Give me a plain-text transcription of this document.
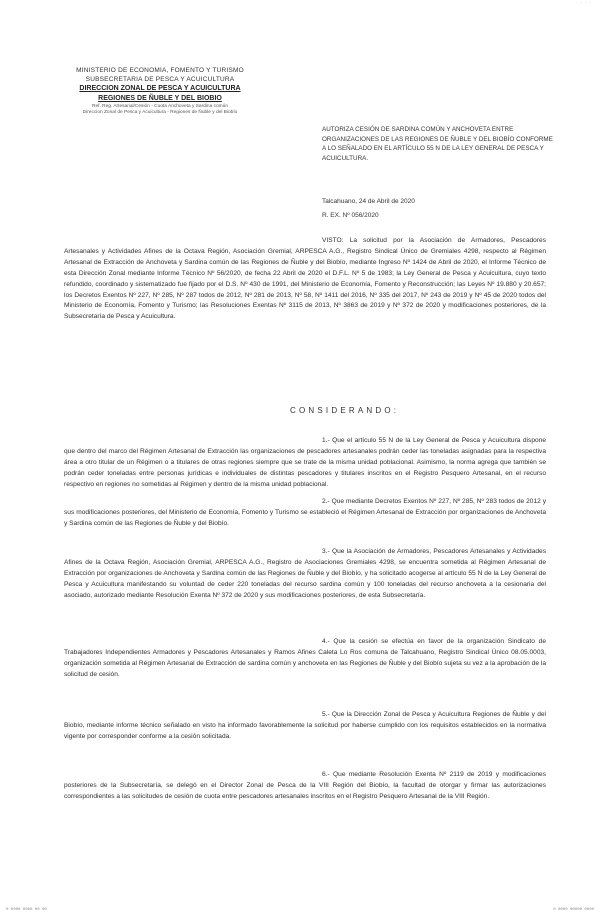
· · ·
MINISTERIO DE ECONOMIA, FOMENTO Y TURISMO
SUBSECRETARIA DE PESCA Y ACUICULTURA
DIRECCION ZONAL DE PESCA Y ACUICULTURA
REGIONES DE ÑUBLE Y DEL BIOBIO
Ref. Reg. Artesanal/Cesión - Cuota Anchoveta y Sardina común
Direccion Zonal de Pesca y Acuicultura - Regiones de Ñuble y del Biobío
AUTORIZA CESIÓN DE SARDINA COMÚN Y ANCHOVETA ENTRE ORGANIZACIONES DE LAS REGIONES DE ÑUBLE Y DEL BIOBÍO CONFORME A LO SEÑALADO EN EL ARTÍCULO 55 N DE LA LEY GENERAL DE PESCA Y ACUICULTURA.
Talcahuano, 24 de Abril de 2020
R. EX. Nº 056/2020
VISTO: La solicitud por la Asociación de Armadores, Pescadores Artesanales y Actividades Afines de la Octava Región, Asociación Gremial, ARPESCA A.G., Registro Sindical Único de Gremiales 4298, respecto al Régimen Artesanal de Extracción de Anchoveta y Sardina común de las Regiones de Ñuble y del Biobío, mediante Ingreso Nº 1424 de Abril de 2020, el Informe Técnico de esta Dirección Zonal mediante Informe Técnico Nº 56/2020, de fecha 22 Abril de 2020 el D.F.L. Nº 5 de 1983; la Ley General de Pesca y Acuicultura, cuyo texto refundido, coordinado y sistematizado fue fijado por el D.S. Nº 430 de 1991, del Ministerio de Economía, Fomento y Reconstrucción; las Leyes Nº 19.880 y 20.657; los Decretos Exentos Nº 227, Nº 285, Nº 287 todos de 2012, Nº 281 de 2013, Nº 58, Nº 1411 del 2016, Nº 335 del 2017, Nº 243 de 2019 y Nº 45 de 2020 todos del Ministerio de Economía, Fomento y Turismo; las Resoluciones Exentas Nº 3115 de 2013, Nº 3863 de 2019 y Nº 372 de 2020 y modificaciones posteriores, de la Subsecretaría de Pesca y Acuicultura.
CONSIDERANDO:
1.- Que el artículo 55 N de la Ley General de Pesca y Acuicultura dispone que dentro del marco del Régimen Artesanal de Extracción las organizaciones de pescadores artesanales podrán ceder las toneladas asignadas para la respectiva área a otro titular de un Régimen o a titulares de otras regiones siempre que se trate de la misma unidad poblacional. Asimismo, la norma agrega que también se podrán ceder toneladas entre personas jurídicas e individuales de distintas pescadores y titulares inscritos en el Registro Pesquero Artesanal, en el recurso respectivo en regiones no sometidas al Régimen y dentro de la misma unidad poblacional.
2.- Que mediante Decretos Exentos Nº 227, Nº 285, Nº 283 todos de 2012 y sus modificaciones posteriores, del Ministerio de Economía, Fomento y Turismo se estableció el Régimen Artesanal de Extracción por organizaciones de Anchoveta y Sardina común de las Regiones de Ñuble y del Biobío.
3.- Que la Asociación de Armadores, Pescadores Artesanales y Actividades Afines de la Octava Región, Asociación Gremial, ARPESCA A.G., Registro de Asociaciones Gremiales 4298, se encuentra sometida al Régimen Artesanal de Extracción por organizaciones de Anchoveta y Sardina común de las Regiones de Ñuble y del Biobío, y ha solicitado acogerse al artículo 55 N de la Ley General de Pesca y Acuicultura manifestando su voluntad de ceder 220 toneladas del recurso sardina común y 100 toneladas del recurso anchoveta a la cesionaria del asociado, autorizado mediante Resolución Exenta Nº 372 de 2020 y sus modificaciones posteriores, de esta Subsecretaría.
4.- Que la cesión se efectúa en favor de la organización Sindicato de Trabajadores Independientes Armadores y Pescadores Artesanales y Ramos Afines Caleta Lo Ros comuna de Talcahuano, Registro Sindical Único 08.05.0003, organización sometida al Régimen Artesanal de Extracción de sardina común y anchoveta en las Regiones de Ñuble y del Biobío sujeta su vez a la aprobación de la solicitud de cesión.
5.- Que la Dirección Zonal de Pesca y Acuicultura Regiones de Ñuble y del Biobío, mediante informe técnico señalado en visto ha informado favorablemente la solicitud por haberse cumplido con los requisitos establecidos en la normativa vigente por corresponder conforme a la cesión solicitada.
6.- Que mediante Resolución Exenta Nº 2119 de 2019 y modificaciones posteriores de la Subsecretaría, se delegó en el Director Zonal de Pesca de la VIII Región del Biobío, la facultad de otorgar y firmar las autorizaciones correspondientes a las solicitudes de cesión de cuota entre pescadores artesanales inscritos en el Registro Pesquero Artesanal de la VIII Región.
0 0000 0000 00 00	0 0000 00000 0000
